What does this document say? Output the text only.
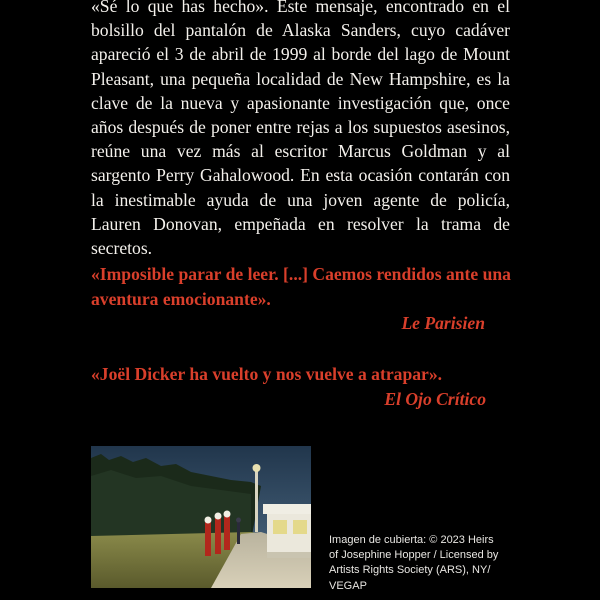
«Sé lo que has hecho». Este mensaje, encontrado en el bolsillo del pantalón de Alaska Sanders, cuyo cadáver apareció el 3 de abril de 1999 al borde del lago de Mount Pleasant, una pequeña localidad de New Hampshire, es la clave de la nueva y apasionante investigación que, once años después de poner entre rejas a los supuestos asesinos, reúne una vez más al escritor Marcus Goldman y al sargento Perry Gahalowood. En esta ocasión contarán con la inestimable ayuda de una joven agente de policía, Lauren Donovan, empeñada en resolver la trama de secretos.

«Imposible parar de leer. [...] Caemos rendidos ante una aventura emocionante».

Le Parisien

«Joël Dicker ha vuelto y nos vuelve a atrapar».

El Ojo Crítico

Imagen de cubierta: © 2023 Heirs of Josephine Hopper / Licensed by Artists Rights Society (ARS), NY/ VEGAP
